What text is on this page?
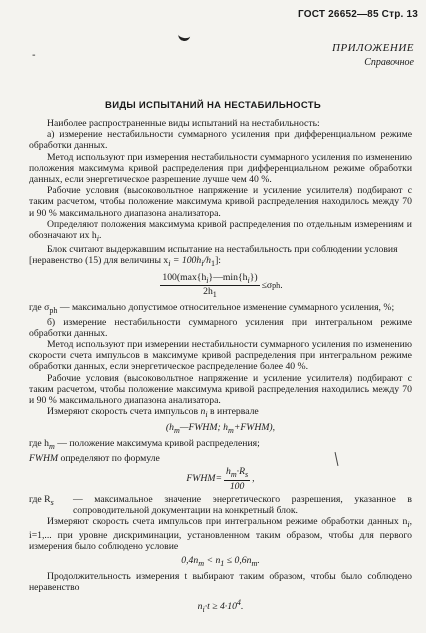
ГОСТ 26652—85 Стр. 13
-
ПРИЛОЖЕНИЕ
Справочное
ВИДЫ ИСПЫТАНИЙ НА НЕСТАБИЛЬНОСТЬ

Наиболее распространенные виды испытаний на нестабильность:

а) измерение нестабильности суммарного усиления при дифференциальном режиме обработки данных.

Метод используют при измерения нестабильности суммарного усиления по изменению положения максимума кривой распределения при дифференциальном режиме обработки данных, если энергетическое разрешение лучше чем 40 %.

Рабочие условия (высоковольтное напряжение и усиление усилителя) подбирают с таким расчетом, чтобы положение максимума кривой распределения находилось между 70 и 90 % максимального диапазона анализатора.

Определяют положения максимума кривой распределения по отдельным измерениям и обозначают их $h_i$.

Блок считают выдержавшим испытание на нестабильность при соблюдении условия

[неравенство (15) для величины $x_i = 100h_i/h_1$]:

$\frac{100(\max\{h_i\}—\min\{h_i\})}{2h_1} \le\sigma$ ph .

где $\sigma_{ph}$ — максимально допустимое относительное изменение суммарного усиления, %;

б) измерение нестабильности суммарного усиления при интегральном режиме обработки данных.

Метод используют при измерении нестабильности суммарного усиления по изменению скорости счета импульсов в максимуме кривой распределения при интегральном режиме обработки данных, если энергетическое распределение более 40 %.

Рабочие условия (высоковольтное напряжение и усиление усилителя) подбирают с таким расчетом, чтобы положение максимума кривой распределения находились между 70 и 90 % максимального диапазона анализатора.

Измеряют скорость счета импульсов $n_i$ в интервале

($h_m—FWHM$; $h_m+FWHM$),

где $h_m$ — положение максимума кривой распределения;

FWHM определяют по формуле

FWHM= $\frac{h_m\cdot R_s}{100}$ ,
где $R_s$	— максимальное значение энергетического разрешения, указанное в сопроводительной документации на конкретный блок.

Измеряют скорость счета импульсов при интегральном режиме обработки данных $n_i$, i=1,... при уровне дискриминации, установленном таким образом, чтобы для первого измерения было соблюдено условие

$0,4n_m < n_1 \le 0,6n_m$.

Продолжительность измерения t выбирают таким образом, чтобы было соблюдено неравенство

$n_i\cdot t \ge 4\cdot 10^4$.
